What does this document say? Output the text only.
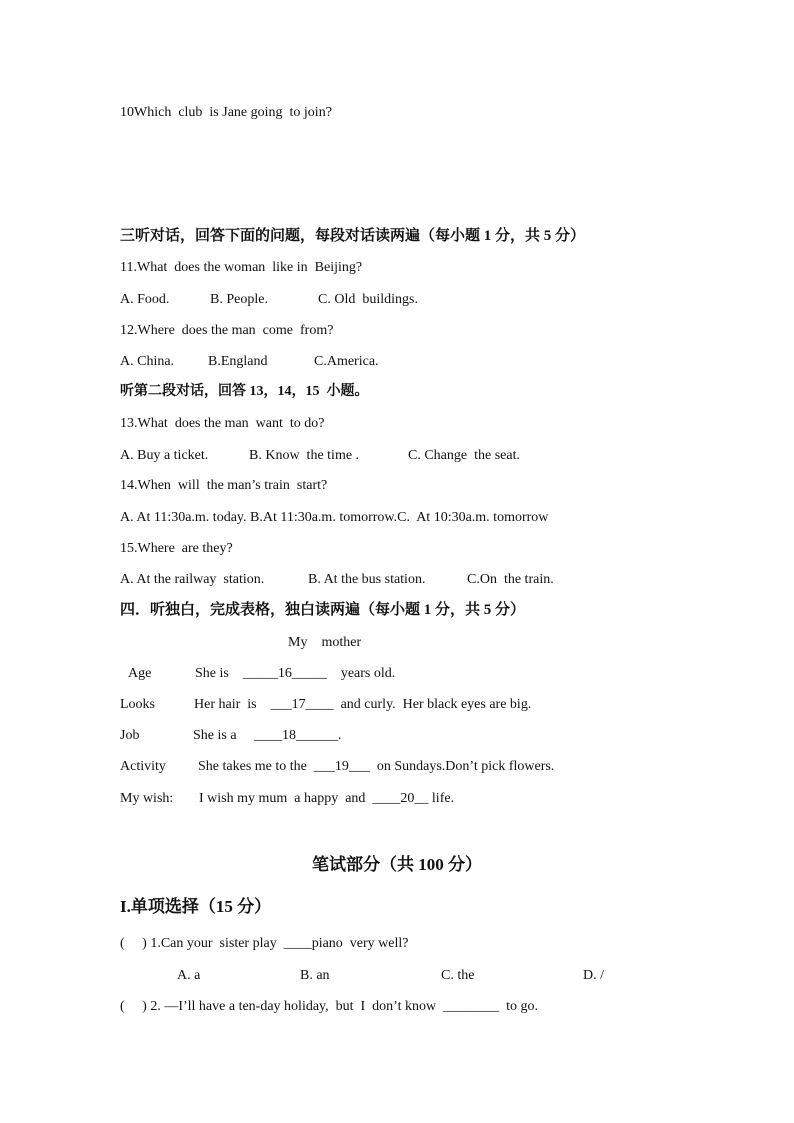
10Which  club  is Jane going  to join?
三听对话，回答下面的问题，每段对话读两遍（每小题 1 分，共 5 分）
11.What  does the woman  like in  Beijing?
A. Food.	B. People.	C. Old  buildings.
12.Where  does the man  come  from?
A. China. B.England	C.America.
听第二段对话，回答 13，14，15  小题。
13.What  does the man  want  to do?
A. Buy a ticket.	B. Know  the time .	C. Change  the seat.
14.When  will  the man’s train  start?
A. At 11:30a.m. today. B.At 11:30a.m. tomorrow.C.  At 10:30a.m. tomorrow
15.Where  are they?
A. At the railway  station.	B. At the bus station.	C.On  the train.
四．听独白，完成表格，独白读两遍（每小题 1 分，共 5 分）
My    mother
Age	She is    _____16_____    years old.
Looks	Her hair  is    ___17____  and curly.  Her black eyes are big.
Job	She is a     ____18______.
Activity She takes me to the  ___19___  on Sundays.Don’t pick flowers.
My wish: I wish my mum  a happy  and  ____20__ life.
笔试部分（共 100 分）
I.单项选择（15 分）
(     ) 1.Can your  sister play  ____piano  very well?
A. a	B. an	C. the	D. /
(     ) 2. —I’ll have a ten-day holiday,  but  I  don’t know  ________  to go.
